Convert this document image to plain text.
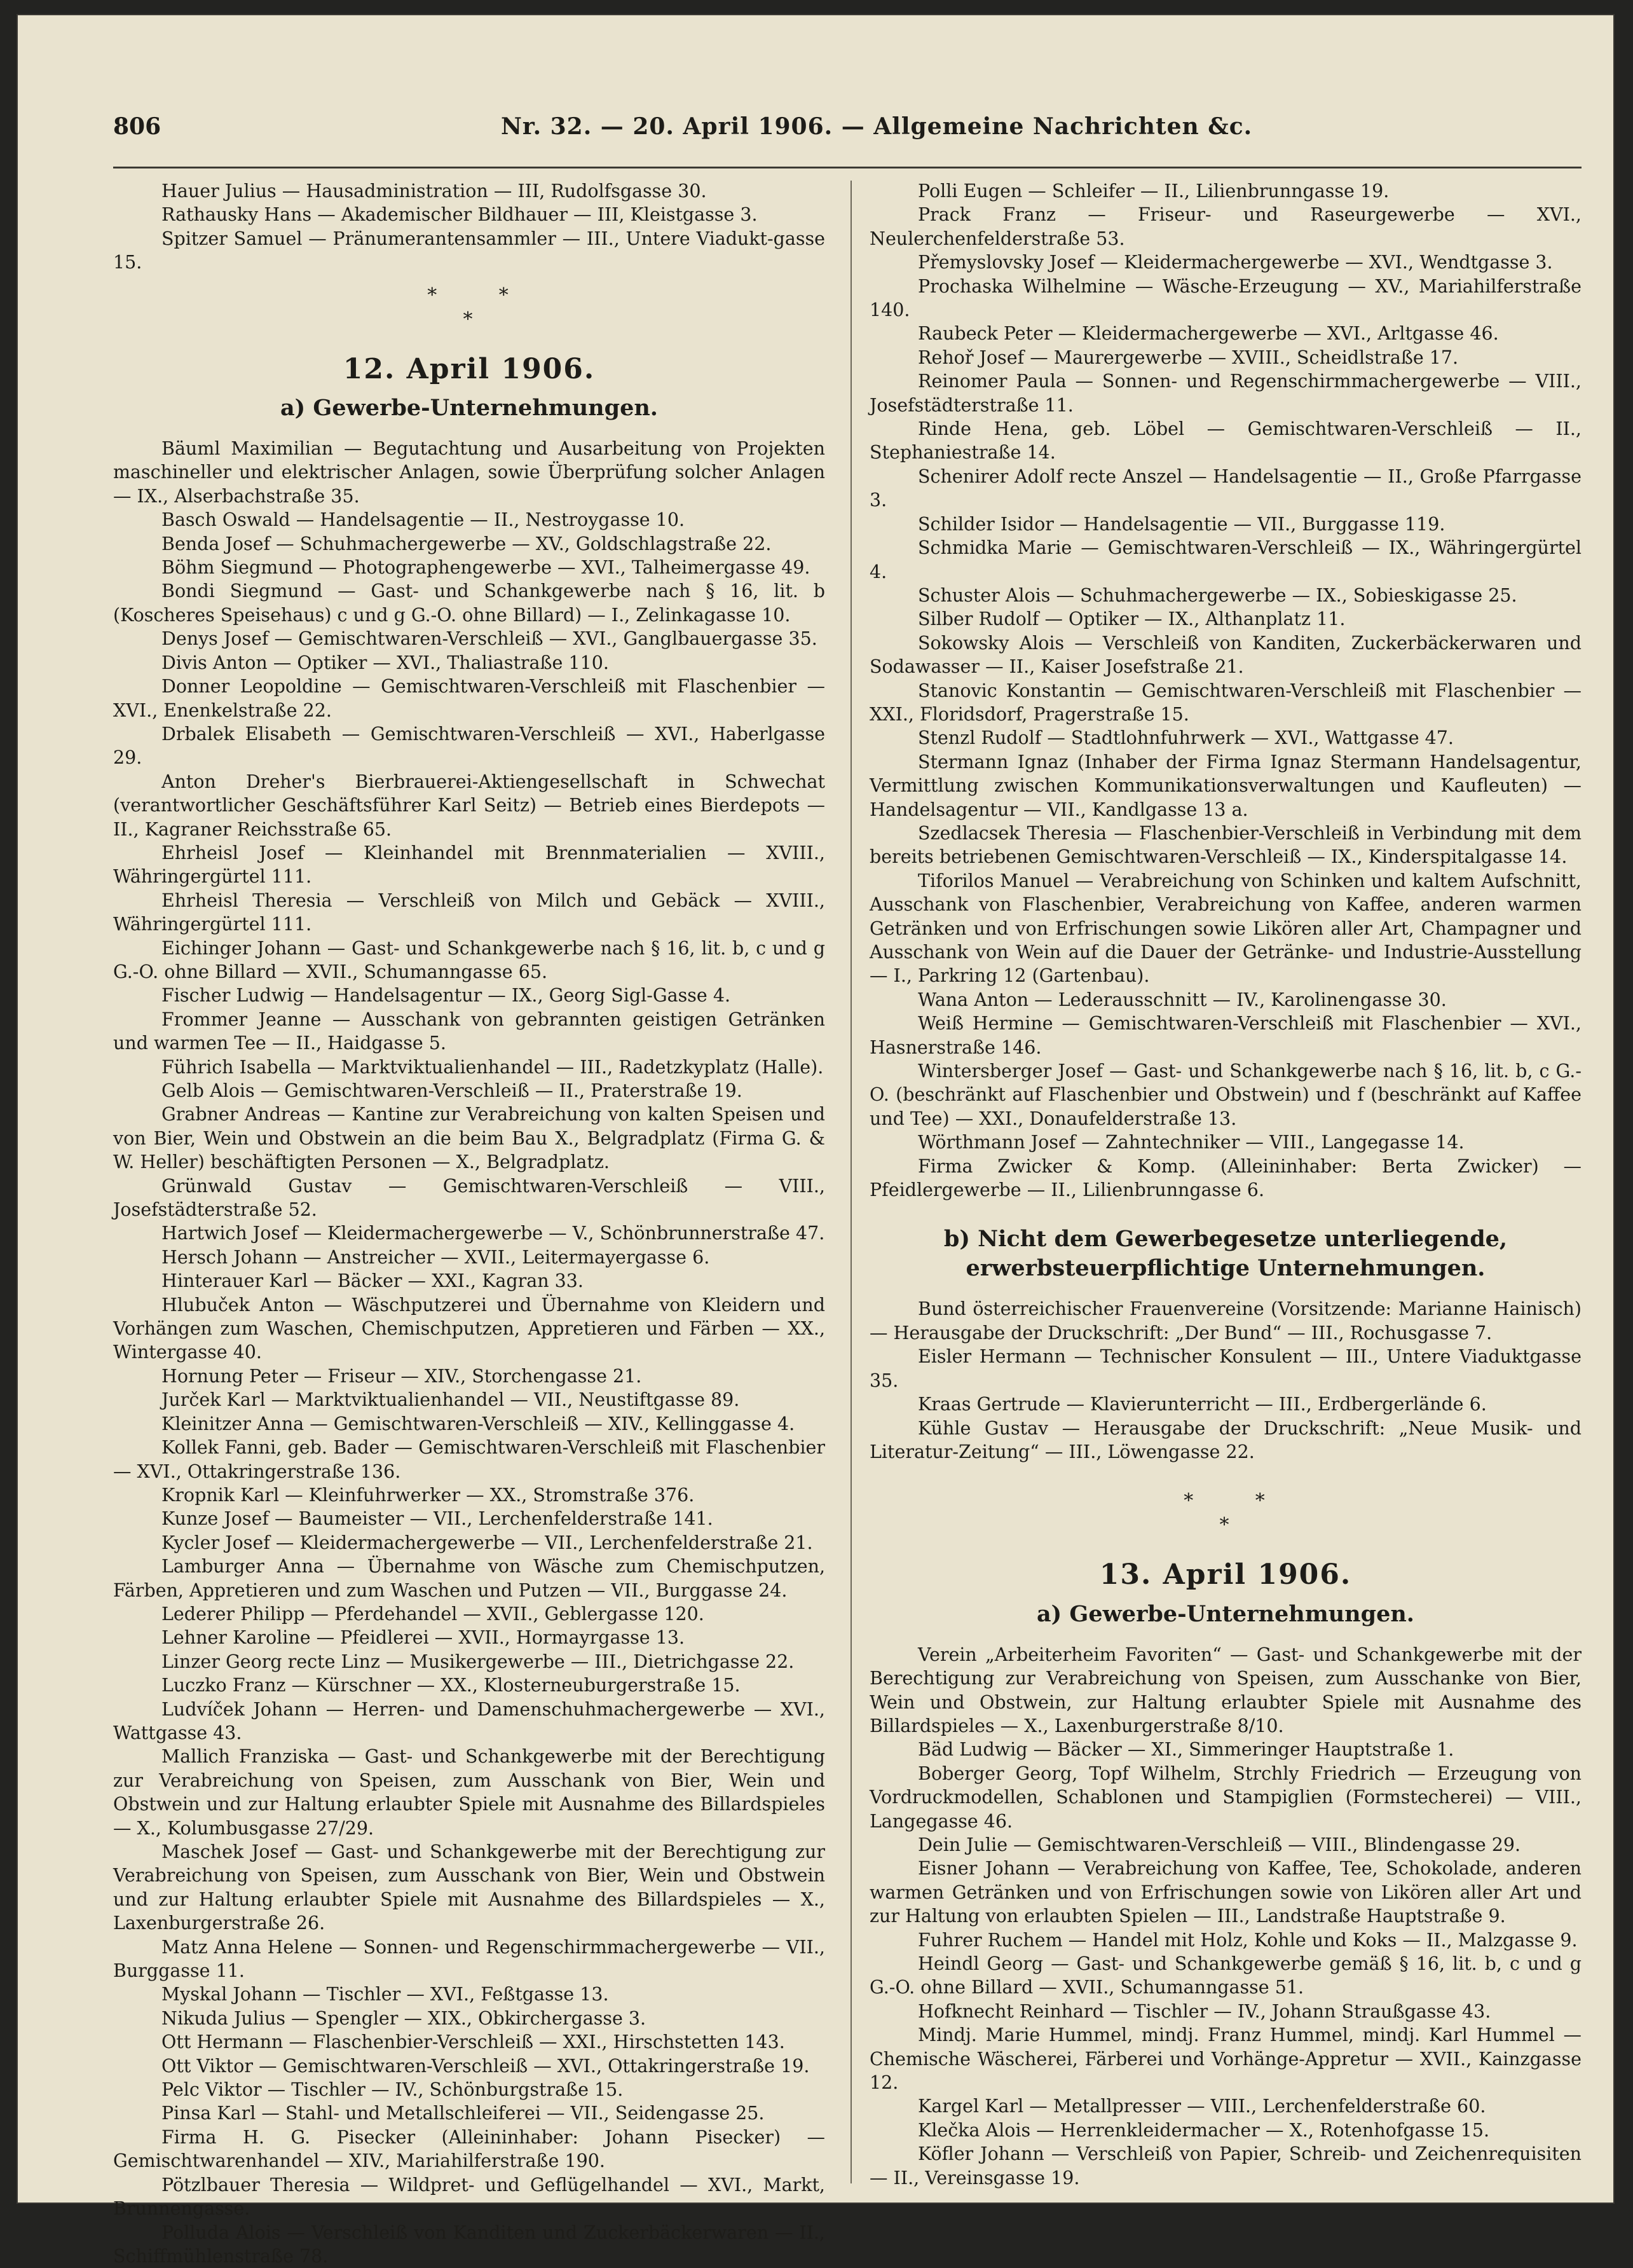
806	Nr. 32. — 20. April 1906. — Allgemeine Nachrichten &c.

Hauer Julius — Hausadministration — III, Rudolfsgasse 30.

Rathausky Hans — Akademischer Bildhauer — III, Kleistgasse 3.

Spitzer Samuel — Pränumerantensammler — III., Untere Viadukt-gasse 15.

* *
*
12. April 1906.
a) Gewerbe-Unternehmungen.

Bäuml Maximilian — Begutachtung und Ausarbeitung von Projekten maschineller und elektrischer Anlagen, sowie Überprüfung solcher Anlagen — IX., Alserbachstraße 35.

Basch Oswald — Handelsagentie — II., Nestroygasse 10.

Benda Josef — Schuhmachergewerbe — XV., Goldschlagstraße 22.

Böhm Siegmund — Photographengewerbe — XVI., Talheimergasse 49.

Bondi Siegmund — Gast- und Schankgewerbe nach § 16, lit. b (Koscheres Speisehaus) c und g G.-O. ohne Billard) — I., Zelinkagasse 10.

Denys Josef — Gemischtwaren-Verschleiß — XVI., Ganglbauergasse 35.

Divis Anton — Optiker — XVI., Thaliastraße 110.

Donner Leopoldine — Gemischtwaren-Verschleiß mit Flaschenbier — XVI., Enenkelstraße 22.

Drbalek Elisabeth — Gemischtwaren-Verschleiß — XVI., Haberlgasse 29.

Anton Dreher's Bierbrauerei-Aktiengesellschaft in Schwechat (verantwortlicher Geschäftsführer Karl Seitz) — Betrieb eines Bierdepots — II., Kagraner Reichsstraße 65.

Ehrheisl Josef — Kleinhandel mit Brennmaterialien — XVIII., Währingergürtel 111.

Ehrheisl Theresia — Verschleiß von Milch und Gebäck — XVIII., Währingergürtel 111.

Eichinger Johann — Gast- und Schankgewerbe nach § 16, lit. b, c und g G.-O. ohne Billard — XVII., Schumanngasse 65.

Fischer Ludwig — Handelsagentur — IX., Georg Sigl-Gasse 4.

Frommer Jeanne — Ausschank von gebrannten geistigen Getränken und warmen Tee — II., Haidgasse 5.

Führich Isabella — Marktviktualienhandel — III., Radetzkyplatz (Halle).

Gelb Alois — Gemischtwaren-Verschleiß — II., Praterstraße 19.

Grabner Andreas — Kantine zur Verabreichung von kalten Speisen und von Bier, Wein und Obstwein an die beim Bau X., Belgradplatz (Firma G. & W. Heller) beschäftigten Personen — X., Belgradplatz.

Grünwald Gustav — Gemischtwaren-Verschleiß — VIII., Josefstädterstraße 52.

Hartwich Josef — Kleidermachergewerbe — V., Schönbrunnerstraße 47.

Hersch Johann — Anstreicher — XVII., Leitermayergasse 6.

Hinterauer Karl — Bäcker — XXI., Kagran 33.

Hlubuček Anton — Wäschputzerei und Übernahme von Kleidern und Vorhängen zum Waschen, Chemischputzen, Appretieren und Färben — XX., Wintergasse 40.

Hornung Peter — Friseur — XIV., Storchengasse 21.

Jurček Karl — Marktviktualienhandel — VII., Neustiftgasse 89.

Kleinitzer Anna — Gemischtwaren-Verschleiß — XIV., Kellinggasse 4.

Kollek Fanni, geb. Bader — Gemischtwaren-Verschleiß mit Flaschenbier — XVI., Ottakringerstraße 136.

Kropnik Karl — Kleinfuhrwerker — XX., Stromstraße 376.

Kunze Josef — Baumeister — VII., Lerchenfelderstraße 141.

Kycler Josef — Kleidermachergewerbe — VII., Lerchenfelderstraße 21.

Lamburger Anna — Übernahme von Wäsche zum Chemischputzen, Färben, Appretieren und zum Waschen und Putzen — VII., Burggasse 24.

Lederer Philipp — Pferdehandel — XVII., Geblergasse 120.

Lehner Karoline — Pfeidlerei — XVII., Hormayrgasse 13.

Linzer Georg recte Linz — Musikergewerbe — III., Dietrichgasse 22.

Luczko Franz — Kürschner — XX., Klosterneuburgerstraße 15.

Ludvíček Johann — Herren- und Damenschuhmachergewerbe — XVI., Wattgasse 43.

Mallich Franziska — Gast- und Schankgewerbe mit der Berechtigung zur Verabreichung von Speisen, zum Ausschank von Bier, Wein und Obstwein und zur Haltung erlaubter Spiele mit Ausnahme des Billardspieles — X., Kolumbusgasse 27/29.

Maschek Josef — Gast- und Schankgewerbe mit der Berechtigung zur Verabreichung von Speisen, zum Ausschank von Bier, Wein und Obstwein und zur Haltung erlaubter Spiele mit Ausnahme des Billardspieles — X., Laxenburgerstraße 26.

Matz Anna Helene — Sonnen- und Regenschirmmachergewerbe — VII., Burggasse 11.

Myskal Johann — Tischler — XVI., Feßtgasse 13.

Nikuda Julius — Spengler — XIX., Obkirchergasse 3.

Ott Hermann — Flaschenbier-Verschleiß — XXI., Hirschstetten 143.

Ott Viktor — Gemischtwaren-Verschleiß — XVI., Ottakringerstraße 19.

Pelc Viktor — Tischler — IV., Schönburgstraße 15.

Pinsa Karl — Stahl- und Metallschleiferei — VII., Seidengasse 25.

Firma H. G. Pisecker (Alleininhaber: Johann Pisecker) — Gemischtwarenhandel — XIV., Mariahilferstraße 190.

Pötzlbauer Theresia — Wildpret- und Geflügelhandel — XVI., Markt, Brunnengasse.

Polluda Alois — Verschleiß von Kanditen und Zuckerbäckerwaren — II., Schiffmühlenstraße 78.

Polli Eugen — Schleifer — II., Lilienbrunngasse 19.

Prack Franz — Friseur- und Raseurgewerbe — XVI., Neulerchenfelderstraße 53.

Přemyslovsky Josef — Kleidermachergewerbe — XVI., Wendtgasse 3.

Prochaska Wilhelmine — Wäsche-Erzeugung — XV., Mariahilferstraße 140.

Raubeck Peter — Kleidermachergewerbe — XVI., Arltgasse 46.

Rehoř Josef — Maurergewerbe — XVIII., Scheidlstraße 17.

Reinomer Paula — Sonnen- und Regenschirmmachergewerbe — VIII., Josefstädterstraße 11.

Rinde Hena, geb. Löbel — Gemischtwaren-Verschleiß — II., Stephaniestraße 14.

Schenirer Adolf recte Anszel — Handelsagentie — II., Große Pfarrgasse 3.

Schilder Isidor — Handelsagentie — VII., Burggasse 119.

Schmidka Marie — Gemischtwaren-Verschleiß — IX., Währingergürtel 4.

Schuster Alois — Schuhmachergewerbe — IX., Sobieskigasse 25.

Silber Rudolf — Optiker — IX., Althanplatz 11.

Sokowsky Alois — Verschleiß von Kanditen, Zuckerbäckerwaren und Sodawasser — II., Kaiser Josefstraße 21.

Stanovic Konstantin — Gemischtwaren-Verschleiß mit Flaschenbier — XXI., Floridsdorf, Pragerstraße 15.

Stenzl Rudolf — Stadtlohnfuhrwerk — XVI., Wattgasse 47.

Stermann Ignaz (Inhaber der Firma Ignaz Stermann Handelsagentur, Vermittlung zwischen Kommunikationsverwaltungen und Kaufleuten) — Handelsagentur — VII., Kandlgasse 13 a.

Szedlacsek Theresia — Flaschenbier-Verschleiß in Verbindung mit dem bereits betriebenen Gemischtwaren-Verschleiß — IX., Kinderspitalgasse 14.

Tiforilos Manuel — Verabreichung von Schinken und kaltem Aufschnitt, Ausschank von Flaschenbier, Verabreichung von Kaffee, anderen warmen Getränken und von Erfrischungen sowie Likören aller Art, Champagner und Ausschank von Wein auf die Dauer der Getränke- und Industrie-Ausstellung — I., Parkring 12 (Gartenbau).

Wana Anton — Lederausschnitt — IV., Karolinengasse 30.

Weiß Hermine — Gemischtwaren-Verschleiß mit Flaschenbier — XVI., Hasnerstraße 146.

Wintersberger Josef — Gast- und Schankgewerbe nach § 16, lit. b, c G.-O. (beschränkt auf Flaschenbier und Obstwein) und f (beschränkt auf Kaffee und Tee) — XXI., Donaufelderstraße 13.

Wörthmann Josef — Zahntechniker — VIII., Langegasse 14.

Firma Zwicker & Komp. (Alleininhaber: Berta Zwicker) — Pfeidlergewerbe — II., Lilienbrunngasse 6.

b) Nicht dem Gewerbegesetze unterliegende, erwerbsteuerpflichtige Unternehmungen.

Bund österreichischer Frauenvereine (Vorsitzende: Marianne Hainisch) — Herausgabe der Druckschrift: „Der Bund“ — III., Rochusgasse 7.

Eisler Hermann — Technischer Konsulent — III., Untere Viaduktgasse 35.

Kraas Gertrude — Klavierunterricht — III., Erdbergerlände 6.

Kühle Gustav — Herausgabe der Druckschrift: „Neue Musik- und Literatur-Zeitung“ — III., Löwengasse 22.

* *
*
13. April 1906.
a) Gewerbe-Unternehmungen.

Verein „Arbeiterheim Favoriten“ — Gast- und Schankgewerbe mit der Berechtigung zur Verabreichung von Speisen, zum Ausschanke von Bier, Wein und Obstwein, zur Haltung erlaubter Spiele mit Ausnahme des Billardspieles — X., Laxenburgerstraße 8/10.

Bäd Ludwig — Bäcker — XI., Simmeringer Hauptstraße 1.

Boberger Georg, Topf Wilhelm, Strchly Friedrich — Erzeugung von Vordruckmodellen, Schablonen und Stampiglien (Formstecherei) — VIII., Langegasse 46.

Dein Julie — Gemischtwaren-Verschleiß — VIII., Blindengasse 29.

Eisner Johann — Verabreichung von Kaffee, Tee, Schokolade, anderen warmen Getränken und von Erfrischungen sowie von Likören aller Art und zur Haltung von erlaubten Spielen — III., Landstraße Hauptstraße 9.

Fuhrer Ruchem — Handel mit Holz, Kohle und Koks — II., Malzgasse 9.

Heindl Georg — Gast- und Schankgewerbe gemäß § 16, lit. b, c und g G.-O. ohne Billard — XVII., Schumanngasse 51.

Hofknecht Reinhard — Tischler — IV., Johann Straußgasse 43.

Mindj. Marie Hummel, mindj. Franz Hummel, mindj. Karl Hummel — Chemische Wäscherei, Färberei und Vorhänge-Appretur — XVII., Kainzgasse 12.

Kargel Karl — Metallpresser — VIII., Lerchenfelderstraße 60.

Klečka Alois — Herrenkleidermacher — X., Rotenhofgasse 15.

Köfler Johann — Verschleiß von Papier, Schreib- und Zeichenrequisiten — II., Vereinsgasse 19.
